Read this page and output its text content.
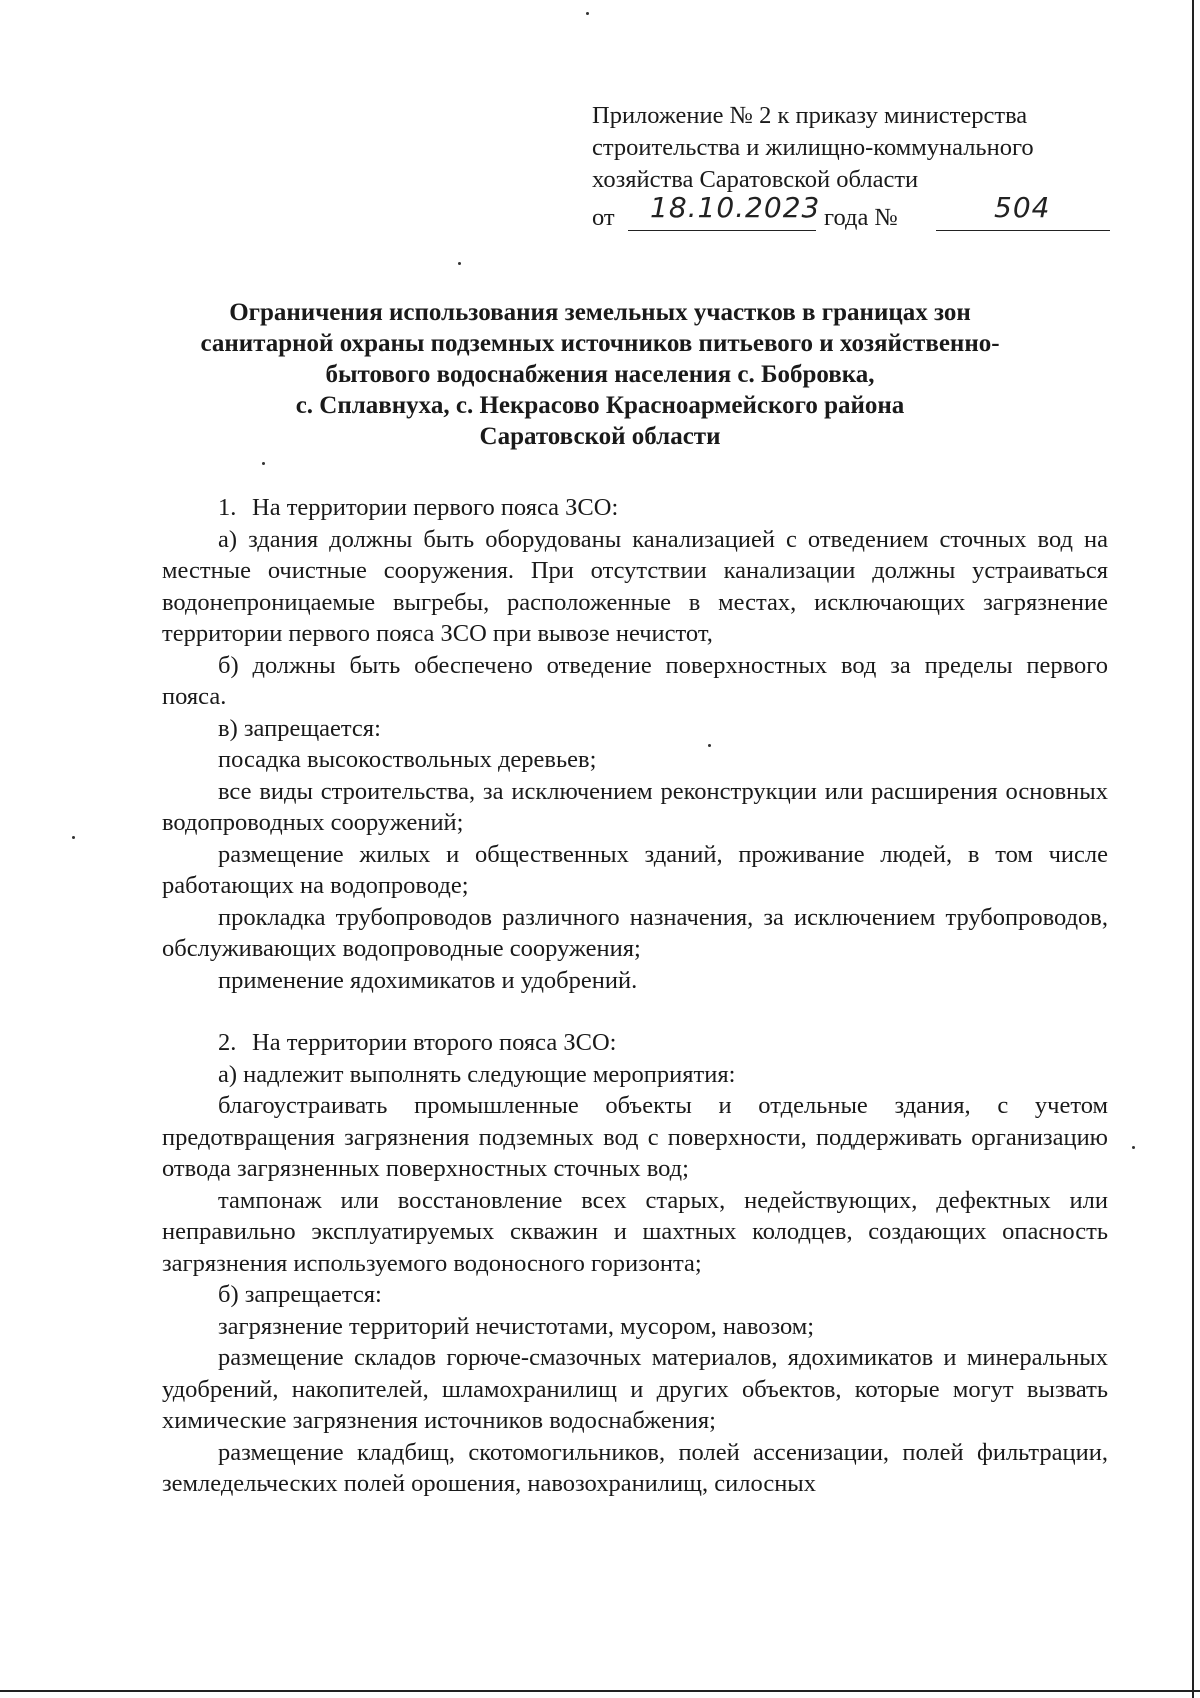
Приложение № 2 к приказу министерства
строительства и жилищно-коммунального
хозяйства Саратовской области
от 18.10.2023 года №	504
Ограничения использования земельных участков в границах зон
санитарной охраны подземных источников питьевого и хозяйственно-
бытового водоснабжения населения с. Бобровка,
с. Сплавнуха, с. Некрасово Красноармейского района
Саратовской области

1. На территории первого пояса ЗСО:

а) здания должны быть оборудованы канализацией с отведением сточных вод на местные очистные сооружения. При отсутствии канализации должны устраиваться водонепроницаемые выгребы, расположенные в местах, исключающих загрязнение территории первого пояса ЗСО при вывозе нечистот,

б) должны быть обеспечено отведение поверхностных вод за пределы первого пояса.

в) запрещается:

посадка высокоствольных деревьев;

все виды строительства, за исключением реконструкции или расширения основных водопроводных сооружений;

размещение жилых и общественных зданий, проживание людей, в том числе работающих на водопроводе;

прокладка трубопроводов различного назначения, за исключением трубопроводов, обслуживающих водопроводные сооружения;

применение ядохимикатов и удобрений.

2. На территории второго пояса ЗСО:

а) надлежит выполнять следующие мероприятия:

благоустраивать промышленные объекты и отдельные здания, с учетом предотвращения загрязнения подземных вод с поверхности, поддерживать организацию отвода загрязненных поверхностных сточных вод;

тампонаж или восстановление всех старых, недействующих, дефектных или неправильно эксплуатируемых скважин и шахтных колодцев, создающих опасность загрязнения используемого водоносного горизонта;

б) запрещается:

загрязнение территорий нечистотами, мусором, навозом;

размещение складов горюче-смазочных материалов, ядохимикатов и минеральных удобрений, накопителей, шламохранилищ и других объектов, которые могут вызвать химические загрязнения источников водоснабжения;

размещение кладбищ, скотомогильников, полей ассенизации, полей фильтрации, земледельческих полей орошения, навозохранилищ, силосных
